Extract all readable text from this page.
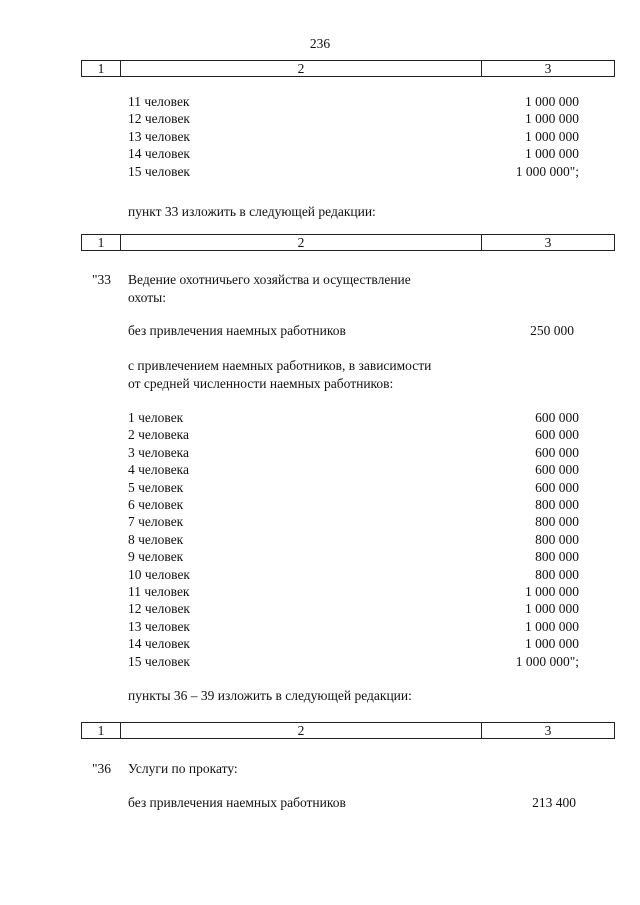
236
1	2	3
11 человек	1 000 000
12 человек	1 000 000
13 человек	1 000 000
14 человек	1 000 000
15 человек	1 000 000";
пункт 33 изложить в следующей редакции:
1	2	3
"33 Ведение охотничьего хозяйства и осуществление
охоты:
без привлечения наемных работников	250 000
с привлечением наемных работников, в зависимости
от средней численности наемных работников:
1 человек	600 000
2 человека	600 000
3 человека	600 000
4 человека	600 000
5 человек	600 000
6 человек	800 000
7 человек	800 000
8 человек	800 000
9 человек	800 000
10 человек	800 000
11 человек	1 000 000
12 человек	1 000 000
13 человек	1 000 000
14 человек	1 000 000
15 человек	1 000 000";
пункты 36 – 39 изложить в следующей редакции:
1	2	3
"36 Услуги по прокату:
без привлечения наемных работников	213 400
